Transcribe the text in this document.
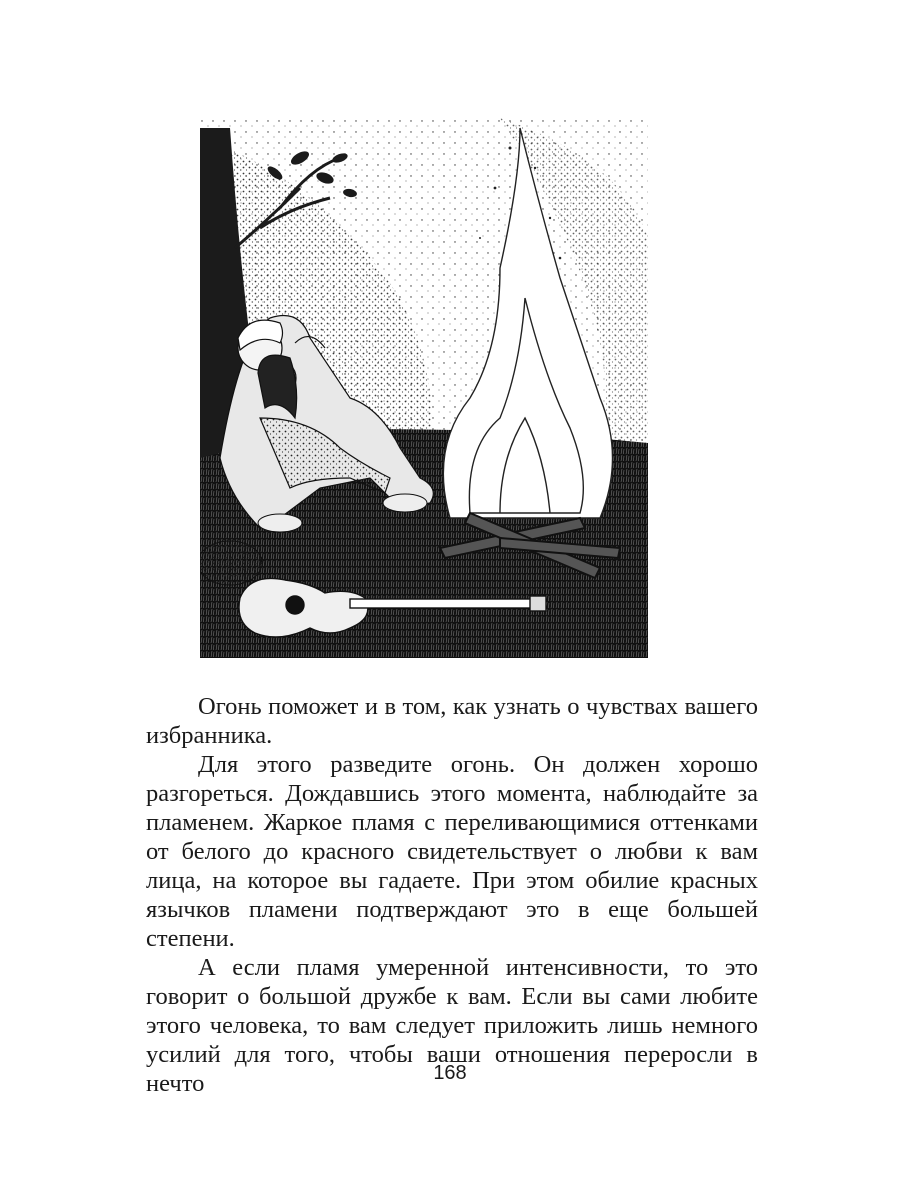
Огонь поможет и в том, как узнать о чувствах вашего избранника.

Для этого разведите огонь. Он должен хорошо разгореться. Дождавшись этого момента, наблюдайте за пламенем. Жаркое пламя с переливающимися оттенками от белого до красного свидетельствует о любви к вам лица, на которое вы гадаете. При этом обилие красных язычков пламени подтверждают это в еще большей степени.

А если пламя умеренной интенсивности, то это говорит о большой дружбе к вам. Если вы сами любите этого человека, то вам следует приложить лишь немного усилий для того, чтобы ваши отношения переросли в нечто	168
